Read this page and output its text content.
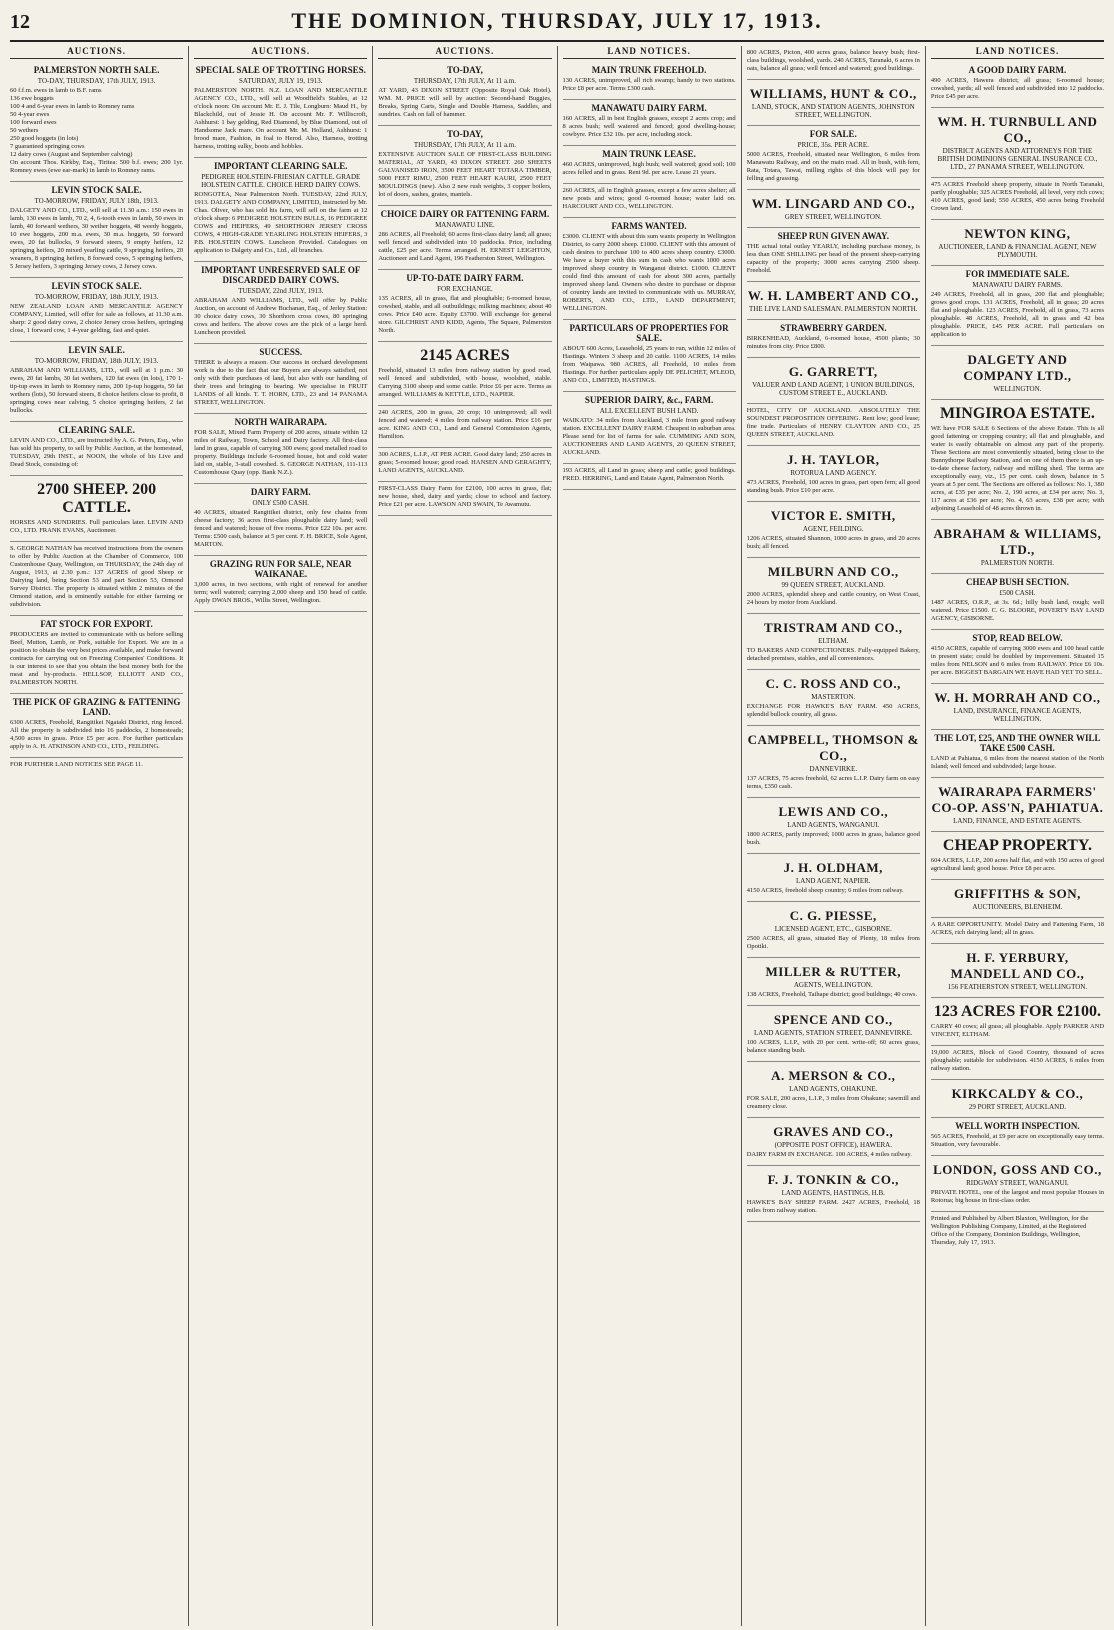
12	THE DOMINION, THURSDAY, JULY 17, 1913.
AUCTIONS.
PALMERSTON NORTH SALE.
TO-DAY, THURSDAY, 17th JULY, 1913.
60 f.f.m. ewes in lamb to B.F. rams
136 ewe hoggets
100 4 and 6-year ewes in lamb to Romney rams
50 4-year ewes
100 forward ewes
50 wethers
250 good hoggets (in lots)
7 guaranteed springing cows
12 dairy cows (August and September calving)

On account Thos. Kirkby, Esq., Tiritea: 500 b.f. ewes; 200 1yr. Romney ewes (ewe ear-mark) in lamb to Romney rams.

LEVIN STOCK SALE.
TO-MORROW, FRIDAY, JULY 18th, 1913.

DALGETY AND CO., LTD., will sell at 11.30 a.m.: 150 ewes in lamb, 130 ewes in lamb, 70 2, 4, 6-tooth ewes in lamb, 50 ewes in lamb, 40 forward wethers, 30 wether hoggets, 48 weedy hoggets, 10 ewe hoggets, 200 m.a. ewes, 30 m.a. hoggets, 50 forward ewes, 20 fat bullocks, 9 forward steers, 9 empty heifers, 12 springing heifers, 20 mixed yearling cattle, 9 springing heifers, 20 weaners, 8 springing heifers, 8 forward cows, 5 springing heifers, 5 Jersey heifers, 3 springing Jersey cows, 2 Jersey cows.

LEVIN STOCK SALE.
TO-MORROW, FRIDAY, 18th JULY, 1913.

NEW ZEALAND LOAN AND MERCANTILE AGENCY COMPANY, Limited, will offer for sale as follows, at 11.30 a.m. sharp: 2 good dairy cows, 2 choice Jersey cross heifers, springing close, 1 forward cow, 1 4-year gelding, fast and quiet.

LEVIN SALE.
TO-MORROW, FRIDAY, 18th JULY, 1913.

ABRAHAM AND WILLIAMS, LTD., will sell at 1 p.m.: 30 ewes, 20 fat lambs, 30 fat wethers, 120 fat ewes (in lots), 170 1-tip-tup ewes in lamb to Romney rams, 200 1p-tup hoggets, 50 fat wethers (lots), 50 forward steers, 8 choice heifers close to profit, 8 springing cows near calving, 5 choice springing heifers, 2 fat bullocks.

CLEARING SALE.

LEVIN AND CO., LTD., are instructed by A. G. Peters, Esq., who has sold his property, to sell by Public Auction, at the homestead, TUESDAY, 29th INST., at NOON, the whole of his Live and Dead Stock, consisting of:

2700 SHEEP. 200 CATTLE.

HORSES AND SUNDRIES. Full particulars later. LEVIN AND CO., LTD. FRANK EVANS, Auctioneer.

S. GEORGE NATHAN has received instructions from the owners to offer by Public Auction at the Chamber of Commerce, 100 Customhouse Quay, Wellington, on THURSDAY, the 24th day of August, 1913, at 2.30 p.m.: 137 ACRES of good Sheep or Dairying land, being Section 53 and part Section 53, Ormond Survey District. The property is situated within 2 minutes of the Ormond station, and is eminently suitable for either farming or subdivision.

FAT STOCK FOR EXPORT.

PRODUCERS are invited to communicate with us before selling Beef, Mutton, Lamb, or Pork, suitable for Export. We are in a position to obtain the very best prices available, and make forward contracts for carrying out on Freezing Companies' Conditions. It is our interest to see that you obtain the best money both for the meat and by-products. HELLSOP, ELLIOTT AND CO., PALMERSTON NORTH.

THE PICK OF GRAZING & FATTENING LAND.

6300 ACRES, Freehold, Rangitikei Ngataki District, ring fenced. All the property is subdivided into 16 paddocks, 2 homesteads; 4,500 acres in grass. Price £5 per acre. For further particulars apply to A. H. ATKINSON AND CO., LTD., FEILDING.

FOR FURTHER LAND NOTICES SEE PAGE 11.
AUCTIONS.
SPECIAL SALE OF TROTTING HORSES.
SATURDAY, JULY 19, 1913.

PALMERSTON NORTH. N.Z. LOAN AND MERCANTILE AGENCY CO., LTD., will sell at Woodfield's Stables, at 12 o'clock noon: On account Mr. E. J. Tile, Longburn: Maud H., by Blackchild, out of Jessie H. On account Mr. F. Williscroft, Ashhurst: 1 bay gelding, Red Diamond, by Blue Diamond, out of Handsome Jack mare. On account Mr. M. Holland, Ashhurst: 1 brood mare, Fashion, in foal to Herod. Also, Harness, trotting harness, trotting sulky, boots and hobbles.

IMPORTANT CLEARING SALE.
PEDIGREE HOLSTEIN-FRIESIAN CATTLE. GRADE HOLSTEIN CATTLE. CHOICE HERD DAIRY COWS.

RONGOTEA, Near Palmerston North. TUESDAY, 22nd JULY, 1913. DALGETY AND COMPANY, LIMITED, instructed by Mr. Chas. Oliver, who has sold his farm, will sell on the farm at 12 o'clock sharp: 6 PEDIGREE HOLSTEIN BULLS, 16 PEDIGREE COWS and HEIFERS, 49 SHORTHORN JERSEY CROSS COWS, 4 HIGH-GRADE YEARLING HOLSTEIN HEIFERS, 3 P.B. HOLSTEIN COWS. Luncheon Provided. Catalogues on application to Dalgety and Co., Ltd., all branches.

IMPORTANT UNRESERVED SALE OF DISCARDED DAIRY COWS.
TUESDAY, 22nd JULY, 1913.

ABRAHAM AND WILLIAMS, LTD., will offer by Public Auction, on account of Andrew Buchanan, Esq., of Jerley Station: 30 choice dairy cows, 30 Shorthorn cross cows, 80 springing cows and heifers. The above cows are the pick of a large herd. Luncheon provided.

SUCCESS.

THERE is always a reason. Our success in orchard development work is due to the fact that our Buyers are always satisfied, not only with their purchases of land, but also with our handling of their trees and bringing to bearing. We specialise in FRUIT LANDS of all kinds. T. T. HORN, LTD., 23 and 14 PANAMA STREET, WELLINGTON.

NORTH WAIRARAPA.

FOR SALE, Mixed Farm Property of 200 acres, situate within 12 miles of Railway, Town, School and Dairy factory. All first-class land in grass, capable of carrying 300 ewes; good metalled road to property. Buildings include 6-roomed house, hot and cold water laid on, stable, 3-stall cowshed. S. GEORGE NATHAN, 111-113 Customhouse Quay (opp. Bank N.Z.).

DAIRY FARM.
ONLY £500 CASH.

40 ACRES, situated Rangitikei district, only few chains from cheese factory; 36 acres first-class ploughable dairy land; well fenced and watered; house of five rooms. Price £22 10s. per acre. Terms: £500 cash, balance at 5 per cent. F. H. BRICE, Sole Agent, MARTON.

GRAZING RUN FOR SALE, NEAR WAIKANAE.

3,000 acres, in two sections, with right of renewal for another term; well watered; carrying 2,000 sheep and 150 head of cattle. Apply DWAN BROS., Willis Street, Wellington.

AUCTIONS.
TO-DAY,
THURSDAY, 17th JULY, At 11 a.m.

AT YARD, 43 DIXON STREET (Opposite Royal Oak Hotel). WM. M. PRICE will sell by auction: Second-hand Buggies, Breaks, Spring Carts, Single and Double Harness, Saddles, and sundries. Cash on fall of hammer.

TO-DAY,
THURSDAY, 17th JULY, At 11 a.m.

EXTENSIVE AUCTION SALE OF FIRST-CLASS BUILDING MATERIAL, AT YARD, 43 DIXON STREET. 260 SHEETS GALVANISED IRON, 3500 FEET HEART TOTARA TIMBER, 5000 FEET RIMU, 2500 FEET HEART KAURI, 2500 FEET MOULDINGS (new). Also 2 new rush weights, 3 copper boilers, lot of doors, sashes, grates, mantels.

CHOICE DAIRY OR FATTENING FARM.
MANAWATU LINE.

286 ACRES, all Freehold; 60 acres first-class dairy land; all grass; well fenced and subdivided into 10 paddocks. Price, including cattle, £25 per acre. Terms arranged. H. ERNEST LEIGHTON, Auctioneer and Land Agent, 196 Featherston Street, Wellington.

UP-TO-DATE DAIRY FARM.
FOR EXCHANGE.

135 ACRES, all in grass, flat and ploughable; 6-roomed house, cowshed, stable, and all outbuildings; milking machines; about 40 cows. Price £40 acre. Equity £3700. Will exchange for general store. GILCHRIST AND KIDD, Agents, The Square, Palmerston North.

2145 ACRES

Freehold, situated 13 miles from railway station by good road, well fenced and subdivided, with house, woolshed, stable. Carrying 3100 sheep and some cattle. Price £6 per acre. Terms as arranged. WILLIAMS & KETTLE, LTD., NAPIER.

240 ACRES, 200 in grass, 20 crop; 10 unimproved; all well fenced and watered; 4 miles from railway station. Price £16 per acre. KING AND CO., Land and General Commission Agents, Hamilton.

300 ACRES, L.I.P., AT PER ACRE. Good dairy land; 250 acres in grass; 5-roomed house; good road. HANSEN AND GERAGHTY, LAND AGENTS, AUCKLAND.

FIRST-CLASS Dairy Farm for £2100, 100 acres in grass, flat; new house, shed, dairy and yards; close to school and factory. Price £21 per acre. LAWSON AND SWAIN, Te Awamutu.

LAND NOTICES.
MAIN TRUNK FREEHOLD.

130 ACRES, unimproved, all rich swamp; handy to two stations. Price £8 per acre. Terms £300 cash.

MANAWATU DAIRY FARM.

160 ACRES, all in best English grasses, except 2 acres crop; and 8 acres bush; well watered and fenced; good dwelling-house; cowbyre. Price £32 10s. per acre, including stock.

MAIN TRUNK LEASE.

460 ACRES, unimproved, high bush; well watered; good soil; 100 acres felled and in grass. Rent 9d. per acre. Lease 21 years.

260 ACRES, all in English grasses, except a few acres shelter; all new posts and wires; good 6-roomed house; water laid on. HARCOURT AND CO., WELLINGTON.

FARMS WANTED.

£3000. CLIENT with about this sum wants property in Wellington District, to carry 2000 sheep. £1000. CLIENT with this amount of cash desires to purchase 100 to 400 acres sheep country. £3000. We have a buyer with this sum in cash who wants 1000 acres improved sheep country in Wanganui district. £1000. CLIENT could find this amount of cash for about 300 acres, partially improved sheep land. Owners who desire to purchase or dispose of country lands are invited to communicate with us. MURRAY, ROBERTS, AND CO., LTD., LAND DEPARTMENT, WELLINGTON.

PARTICULARS OF PROPERTIES FOR SALE.

ABOUT 600 Acres, Leasehold, 25 years to run, within 12 miles of Hastings. Winters 3 sheep and 20 cattle. 1100 ACRES, 14 miles from Waipawa. 980 ACRES, all Freehold, 10 miles from Hastings. For further particulars apply DE PELICHET, M'LEOD, AND CO., LIMITED, HASTINGS.

SUPERIOR DAIRY, &c., FARM.
ALL EXCELLENT BUSH LAND.

WAIKATO: 34 miles from Auckland, 3 mile from good railway station. EXCELLENT DAIRY FARM. Cheapest in suburban area. Please send for list of farms for sale. CUMMING AND SON, AUCTIONEERS AND LAND AGENTS, 20 QUEEN STREET, AUCKLAND.

193 ACRES, all Land in grass; sheep and cattle; good buildings. FRED. HERRING, Land and Estate Agent, Palmerston North.

800 ACRES, Picton, 400 acres grass, balance heavy bush; first-class buildings, woolshed, yards. 240 ACRES, Taranaki, 6 acres in oats, balance all grass; well fenced and watered; good buildings.

WILLIAMS, HUNT & CO.,
LAND, STOCK, AND STATION AGENTS, JOHNSTON STREET, WELLINGTON.
FOR SALE.
PRICE, 35s. PER ACRE.

5000 ACRES, Freehold, situated near Wellington, 6 miles from Manawatu Railway, and on the main road. All in bush, with fern, Rata, Totara, Tawai, milling rights of this block will pay for felling and grassing.

WM. LINGARD AND CO.,
GREY STREET, WELLINGTON.
SHEEP RUN GIVEN AWAY.

THE actual total outlay YEARLY, including purchase money, is less than ONE SHILLING per head of the present sheep-carrying capacity of the property; 3000 acres carrying 2500 sheep. Freehold.

W. H. LAMBERT AND CO.,
THE LIVE LAND SALESMAN. PALMERSTON NORTH.
STRAWBERRY GARDEN.

BIRKENHEAD, Auckland, 6-roomed house, 4500 plants; 30 minutes from city. Price £800.

G. GARRETT,
VALUER AND LAND AGENT, 1 UNION BUILDINGS, CUSTOM STREET E., AUCKLAND.

HOTEL, CITY OF AUCKLAND. ABSOLUTELY THE SOUNDEST PROPOSITION OFFERING. Rent low; good lease; fine trade. Particulars of HENRY CLAYTON AND CO., 25 QUEEN STREET, AUCKLAND.

J. H. TAYLOR,
ROTORUA LAND AGENCY.

473 ACRES, Freehold, 100 acres in grass, part open fern; all good standing bush. Price £10 per acre.

VICTOR E. SMITH,
AGENT, FEILDING.

1206 ACRES, situated Shannon, 1000 acres in grass, and 20 acres bush; all fenced.

MILBURN AND CO.,
99 QUEEN STREET, AUCKLAND.

2000 ACRES, splendid sheep and cattle country, on West Coast, 24 hours by motor from Auckland.

TRISTRAM AND CO.,
ELTHAM.

TO BAKERS AND CONFECTIONERS. Fully-equipped Bakery, detached premises, stables, and all conveniences.

C. C. ROSS AND CO.,
MASTERTON.

EXCHANGE FOR HAWKE'S BAY FARM. 450 ACRES, splendid bullock country, all grass.

CAMPBELL, THOMSON & CO.,
DANNEVIRKE.

137 ACRES, 75 acres freehold, 62 acres L.I.P. Dairy farm on easy terms, £350 cash.

LEWIS AND CO.,
LAND AGENTS, WANGANUI.

1800 ACRES, partly improved; 1000 acres in grass, balance good bush.

J. H. OLDHAM,
LAND AGENT, NAPIER.

4150 ACRES, freehold sheep country; 6 miles from railway.

C. G. PIESSE,
LICENSED AGENT, ETC., GISBORNE.

2500 ACRES, all grass, situated Bay of Plenty, 18 miles from Opotiki.

MILLER & RUTTER,
AGENTS, WELLINGTON.

138 ACRES, Freehold, Taihape district; good buildings; 40 cows.

SPENCE AND CO.,
LAND AGENTS, STATION STREET, DANNEVIRKE.

100 ACRES, L.I.P., with 20 per cent. write-off; 60 acres grass, balance standing bush.

A. MERSON & CO.,
LAND AGENTS, OHAKUNE.

FOR SALE, 200 acres, L.I.P., 3 miles from Ohakune; sawmill and creamery close.

GRAVES AND CO.,
(OPPOSITE POST OFFICE), HAWERA.

DAIRY FARM IN EXCHANGE. 100 ACRES, 4 miles railway.

F. J. TONKIN & CO.,
LAND AGENTS, HASTINGS, H.B.

HAWKE'S BAY SHEEP FARM. 2427 ACRES, Freehold, 18 miles from railway station.

LAND NOTICES.
A GOOD DAIRY FARM.

490 ACRES, Hawera district; all grass; 6-roomed house; cowshed, yards; all well fenced and subdivided into 12 paddocks. Price £45 per acre.

WM. H. TURNBULL AND CO.,
DISTRICT AGENTS AND ATTORNEYS FOR THE BRITISH DOMINIONS GENERAL INSURANCE CO., LTD., 27 PANAMA STREET, WELLINGTON.

475 ACRES Freehold sheep property, situate in North Taranaki, partly ploughable; 325 ACRES Freehold, all level, very rich cows; 410 ACRES, good land; 550 ACRES, 450 acres being Freehold Crown land.

NEWTON KING,
AUCTIONEER, LAND & FINANCIAL AGENT, NEW PLYMOUTH.
FOR IMMEDIATE SALE.
MANAWATU DAIRY FARMS.

249 ACRES, Freehold, all in grass, 200 flat and ploughable; grows good crops. 131 ACRES, Freehold, all in grass; 20 acres flat and ploughable. 123 ACRES, Freehold, all in grass, 73 acres ploughable. 48 ACRES, Freehold, all in grass and 42 bea ploughable. PRICE, £45 PER ACRE. Full particulars on application to

DALGETY AND COMPANY LTD.,
WELLINGTON.
MINGIROA ESTATE.

WE have FOR SALE 6 Sections of the above Estate. This is all good fattening or cropping country; all flat and ploughable, and water is easily obtainable on almost any part of the property. These Sections are most conveniently situated, being close to the Bunnythorpe Railway Station, and on one of them there is an up-to-date cheese factory, railway and milling shed. The terms are exceptionally easy, viz., 15 per cent. cash down, balance in 5 years at 5 per cent. The Sections are offered as follows: No. 1, 380 acres, at £35 per acre; No. 2, 190 acres, at £34 per acre; No. 3, 117 acres at £36 per acre; No. 4, 63 acres, £38 per acre; with adjoining Leasehold of 48 acres thrown in.

ABRAHAM & WILLIAMS, LTD.,
PALMERSTON NORTH.
CHEAP BUSH SECTION.
£500 CASH.

1487 ACRES, O.R.P., at 3s. 6d.; hilly bush land, rough; well watered. Price £1500. C. G. BLOORE, POVERTY BAY LAND AGENCY, GISBORNE.

STOP, READ BELOW.

4150 ACRES, capable of carrying 3000 ewes and 100 head cattle in present state; could be doubled by improvement. Situated 15 miles from NELSON and 6 miles from RAILWAY. Price £6 10s. per acre. BIGGEST BARGAIN WE HAVE HAD YET TO SELL.

W. H. MORRAH AND CO.,
LAND, INSURANCE, FINANCE AGENTS, WELLINGTON.
THE LOT, £25, AND THE OWNER WILL TAKE £500 CASH.

LAND at Pahiatua, 6 miles from the nearest station of the North Island; well fenced and subdivided; large house.

WAIRARAPA FARMERS' CO-OP. ASS'N, PAHIATUA.
LAND, FINANCE, AND ESTATE AGENTS.
CHEAP PROPERTY.

604 ACRES, L.I.P., 200 acres half flat, and with 150 acres of good agricultural land; good house. Price £8 per acre.

GRIFFITHS & SON,
AUCTIONEERS, BLENHEIM.

A RARE OPPORTUNITY. Model Dairy and Fattening Farm, 18 ACRES, rich dairying land; all in grass.

H. F. YERBURY, MANDELL AND CO.,
156 FEATHERSTON STREET, WELLINGTON.
123 ACRES FOR £2100.

CARRY 40 cows; all grass; all ploughable. Apply PARKER AND VINCENT, ELTHAM.

19,000 ACRES, Block of Good Country, thousand of acres ploughable; suitable for subdivision. 4150 ACRES, 6 miles from railway station.

KIRKCALDY & CO.,
29 PORT STREET, AUCKLAND.
WELL WORTH INSPECTION.

565 ACRES, Freehold, at £9 per acre on exceptionally easy terms. Situation, very favourable.

LONDON, GOSS AND CO.,
RIDGWAY STREET, WANGANUI.

PRIVATE HOTEL, one of the largest and most popular Houses in Rotorua; big house in first-class order.

Printed and Published by Albert Blaxton, Wellington, for the Wellington Publishing Company, Limited, at the Registered Office of the Company, Dominion Buildings, Wellington, Thursday, July 17, 1913.
